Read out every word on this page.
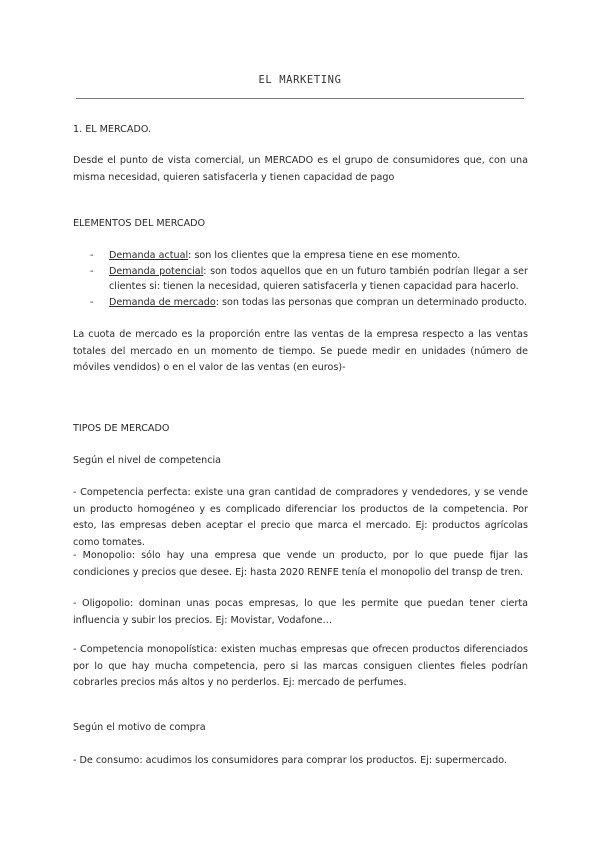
EL MARKETING
1. EL MERCADO.
Desde el punto de vista comercial, un MERCADO es el grupo de consumidores que, con una misma necesidad, quieren satisfacerla y tienen capacidad de pago
ELEMENTOS DEL MERCADO
- Demanda actual: son los clientes que la empresa tiene en ese momento.
- Demanda potencial: son todos aquellos que en un futuro también podrían llegar a ser clientes si: tienen la necesidad, quieren satisfacerla y tienen capacidad para hacerlo.
- Demanda de mercado: son todas las personas que compran un determinado producto.
La cuota de mercado es la proporción entre las ventas de la empresa respecto a las ventas totales del mercado en un momento de tiempo. Se puede medir en unidades (número de móviles vendidos) o en el valor de las ventas (en euros)-
TIPOS DE MERCADO
Según el nivel de competencia
- Competencia perfecta: existe una gran cantidad de compradores y vendedores, y se vende un producto homogéneo y es complicado diferenciar los productos de la competencia. Por esto, las empresas deben aceptar el precio que marca el mercado. Ej: productos agrícolas como tomates.
- Monopolio: sólo hay una empresa que vende un producto, por lo que puede fijar las condiciones y precios que desee. Ej: hasta 2020 RENFE tenía el monopolio del transp de tren.
- Oligopolio: dominan unas pocas empresas, lo que les permite que puedan tener cierta influencia y subir los precios. Ej: Movistar, Vodafone…
- Competencia monopolística: existen muchas empresas que ofrecen productos diferenciados por lo que hay mucha competencia, pero si las marcas consiguen clientes fieles podrían cobrarles precios más altos y no perderlos. Ej: mercado de perfumes.
Según el motivo de compra
- De consumo: acudimos los consumidores para comprar los productos. Ej: supermercado.
